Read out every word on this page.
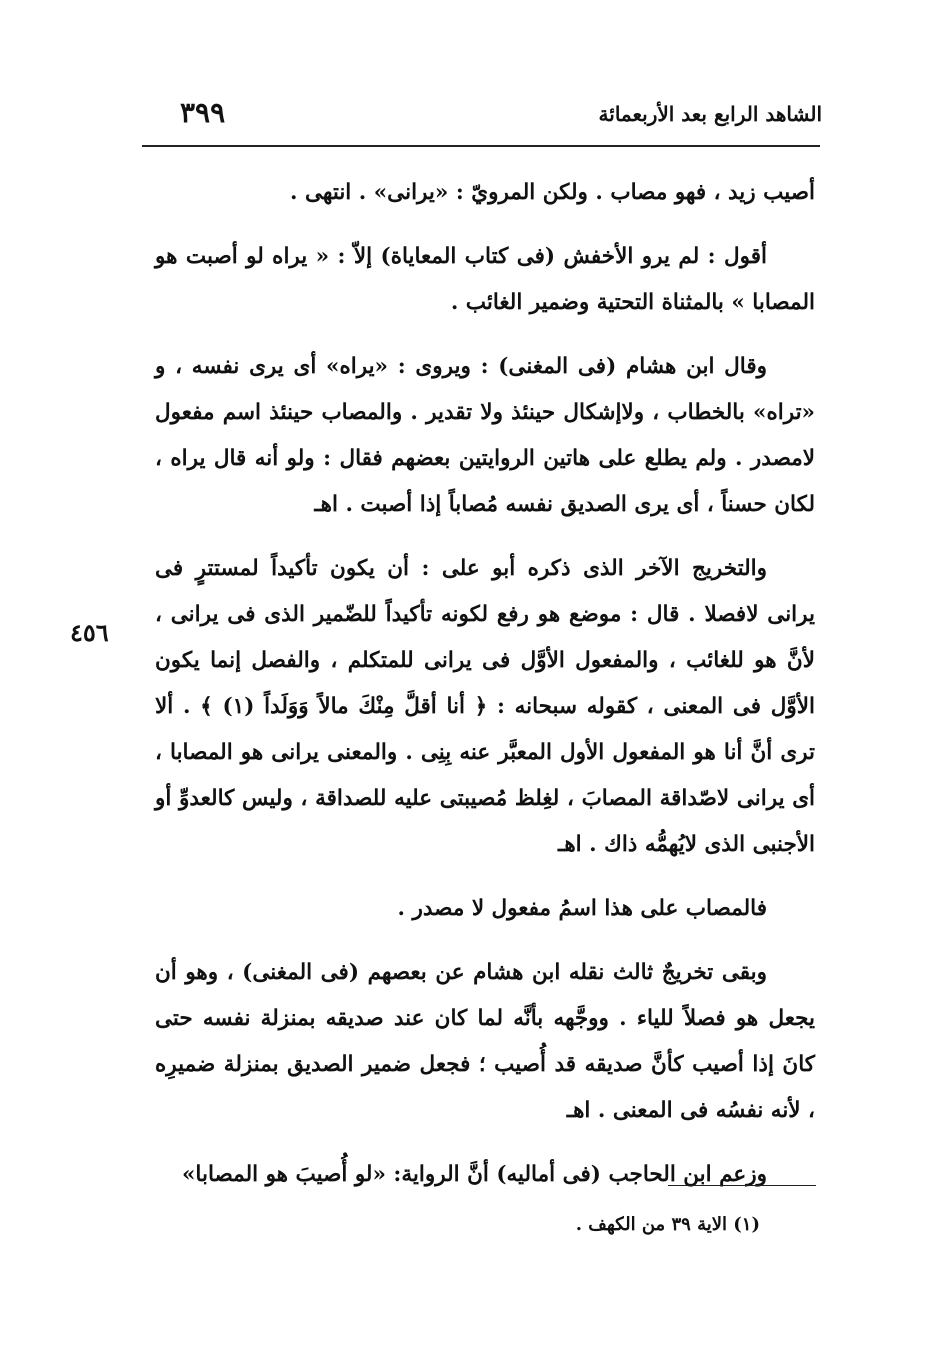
الشاهد الرابع بعد الأربعمائة
٣٩٩
٤٥٦

أصيب زيد ، فهو مصاب . ولكن المرويّ : «يرانى» . انتهى .

أقول : لم يرو الأخفش (فى كتاب المعاياة) إلاّ : « يراه لو أصبت هو المصابا » بالمثناة التحتية وضمير الغائب .

وقال ابن هشام (فى المغنى) : ويروى : «يراه» أى يرى نفسه ، و «تراه» بالخطاب ، ولاإشكال حينئذ ولا تقدير . والمصاب حينئذ اسم مفعول لامصدر . ولم يطلع على هاتين الروايتين بعضهم فقال : ولو أنه قال يراه ، لكان حسناً ، أى يرى الصديق نفسه مُصاباً إذا أصبت . اهـ

والتخريج الآخر الذى ذكره أبو على : أن يكون تأكيداً لمستترٍ فى يرانى لافصلا . قال : موضع هو رفع لكونه تأكيداً للضّمير الذى فى يرانى ، لأنَّ هو للغائب ، والمفعول الأوَّل فى يرانى للمتكلم ، والفصل إنما يكون الأوَّل فى المعنى ، كقوله سبحانه : ﴿ أنا أقلَّ مِنْكَ مالاً وَوَلَداً (١) ﴾ . ألا ترى أنَّ أنا هو المفعول الأول المعبَّر عنه بِنِى . والمعنى يرانى هو المصابا ، أى يرانى لاصّداقة المصابَ ، لغِلظ مُصيبتى عليه للصداقة ، وليس كالعدوِّ أو الأجنبى الذى لايُهمُّه ذاك . اهـ

فالمصاب على هذا اسمُ مفعول لا مصدر .

وبقى تخريجٌ ثالث نقله ابن هشام عن بعصهم (فى المغنى) ، وهو أن يجعل هو فصلاً للياء . ووجَّهه بأنَّه لما كان عند صديقه بمنزلة نفسه حتى كانَ إذا أصيب كأنَّ صديقه قد أُصيب ؛ فجعل ضمير الصديق بمنزلة ضميرِه ، لأنه نفسُه فى المعنى . اهـ

وزعم ابن الحاجب (فى أماليه) أنَّ الرواية: «لو أُصيبَ هو المصابا»

(١) الاية ٣٩ من الكهف .
